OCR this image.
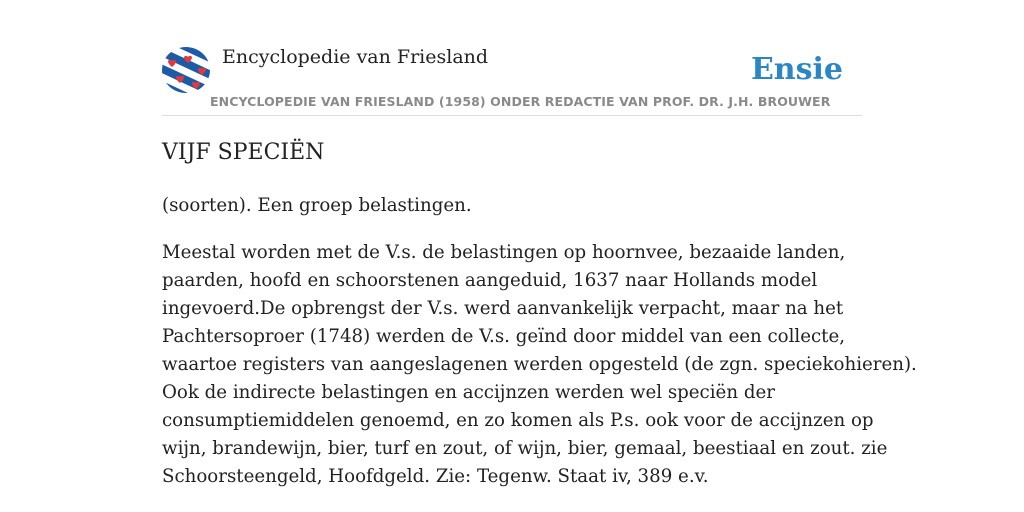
Encyclopedie van Friesland	Ensie
ENCYCLOPEDIE VAN FRIESLAND (1958) ONDER REDACTIE VAN PROF. DR. J.H. BROUWER
VIJF SPECIËN

(soorten). Een groep belastingen.

Meestal worden met de V.s. de belastingen op hoornvee, bezaaide landen,
paarden, hoofd en schoorstenen aangeduid, 1637 naar Hollands model
ingevoerd.De opbrengst der V.s. werd aanvankelijk verpacht, maar na het
Pachtersoproer (1748) werden de V.s. geïnd door middel van een collecte,
waartoe registers van aangeslagenen werden opgesteld (de zgn. speciekohieren).
Ook de indirecte belastingen en accijnzen werden wel speciën der
consumptiemiddelen genoemd, en zo komen als P.s. ook voor de accijnzen op
wijn, brandewijn, bier, turf en zout, of wijn, bier, gemaal, beestiaal en zout. zie
Schoorsteengeld, Hoofdgeld. Zie: Tegenw. Staat iv, 389 e.v.
